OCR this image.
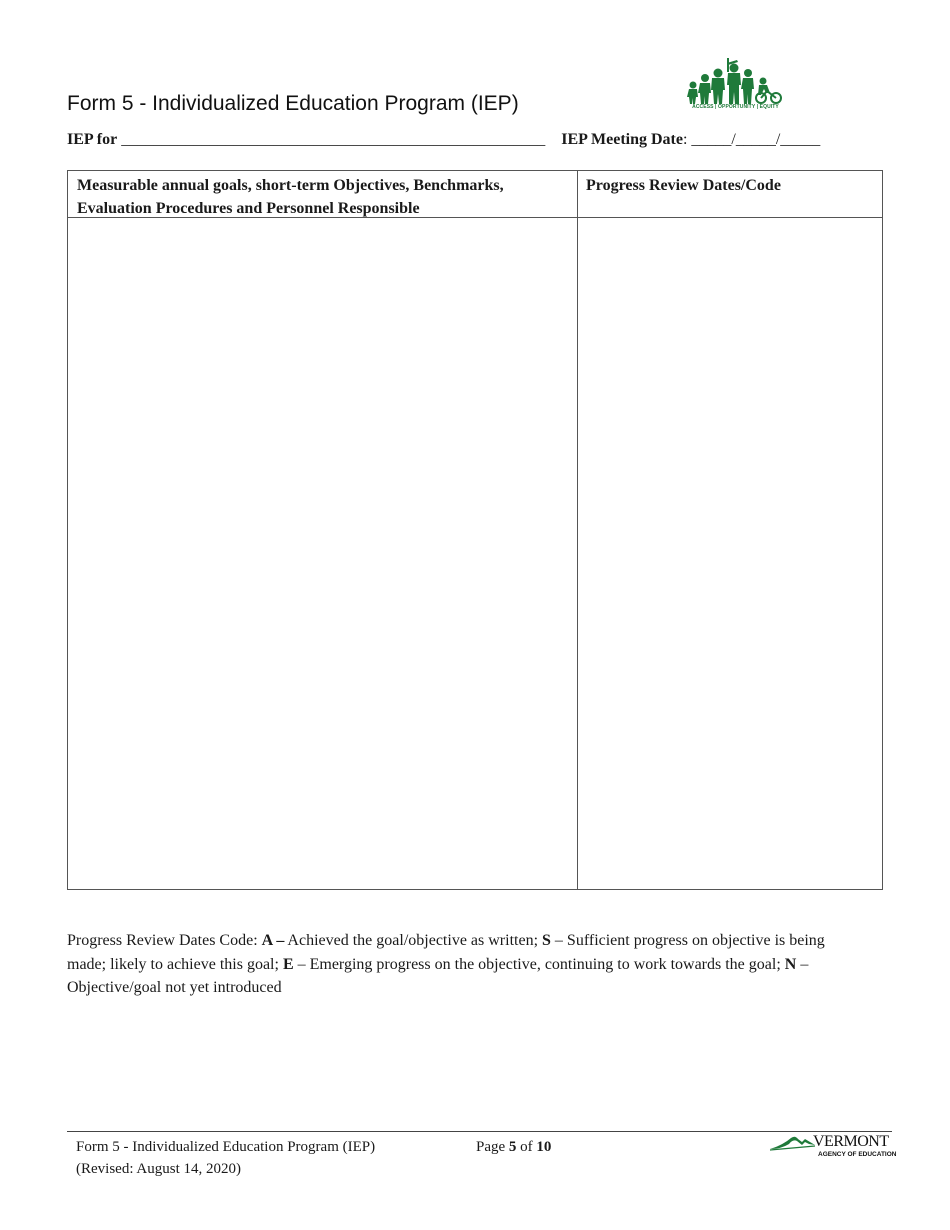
Form 5 - Individualized Education Program (IEP)	ACCESS | OPPORTUNITY | EQUITY
IEP for _____________________________________________________ IEP Meeting Date: _____/_____/_____
Measurable annual goals, short-term Objectives, Benchmarks, Evaluation Procedures and Personnel Responsible
Progress Review Dates/Code

Progress Review Dates Code: A – Achieved the goal/objective as written; S – Sufficient progress on objective is being made; likely to achieve this goal; E – Emerging progress on the objective, continuing to work towards the goal; N – Objective/goal not yet introduced

Form 5 - Individualized Education Program (IEP)
(Revised: August 14, 2020)
Page 5 of 10	VERMONT
AGENCY OF EDUCATION
